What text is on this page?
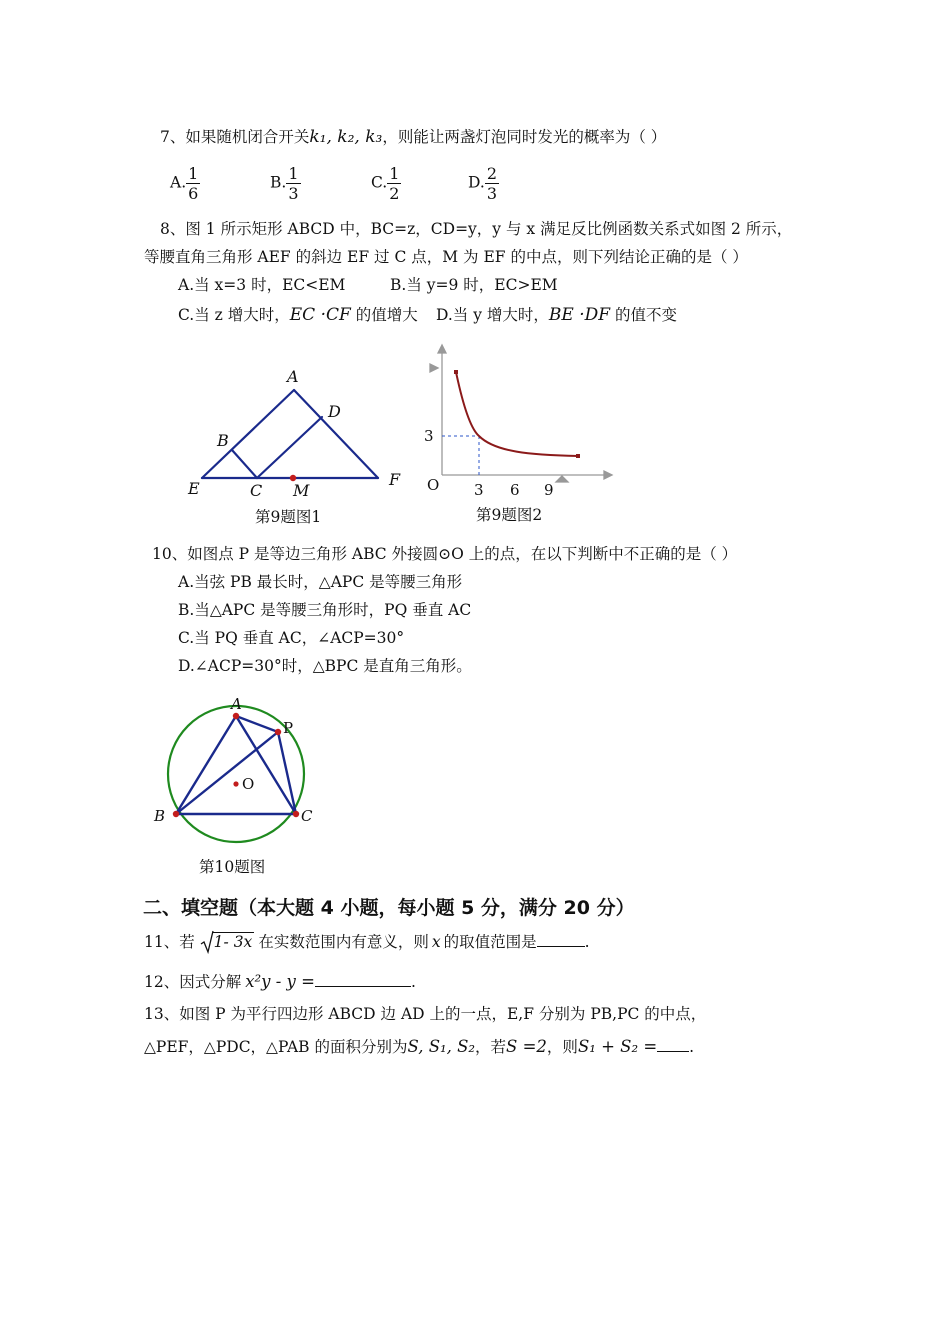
7、如果随机闭合开关k₁, k₂, k₃，则能让两盏灯泡同时发光的概率为（ ）
A. $\frac{1}{6}$	B. $\frac{1}{3}$	C. $\frac{1}{2}$	D. $\frac{2}{3}$
8、图 1 所示矩形 ABCD 中，BC=z，CD=y，y 与 x 满足反比例函数关系式如图 2 所示，
等腰直角三角形 AEF 的斜边 EF 过 C 点，M 为 EF 的中点，则下列结论正确的是（ ）
A.当 x=3 时，EC<EM	B.当 y=9 时，EC>EM
C.当 z 增大时，EC ·CF 的值增大 D.当 y 增大时，BE ·DF 的值不变
A
B
C
D
E	F
M
第9题图1
3
O 3 6 9
第9题图2
10、如图点 P 是等边三角形 ABC 外接圆⊙O 上的点，在以下判断中不正确的是（ ）
A.当弦 PB 最长时，△APC 是等腰三角形
B.当△APC 是等腰三角形时，PQ 垂直 AC
C.当 PQ 垂直 AC，∠ACP=30°
D.∠ACP=30°时，△BPC 是直角三角形。
A
P
O
B	C
第10题图
二、填空题（本大题 4 小题，每小题 5 分，满分 20 分）
11、若 1- 3x 在实数范围内有意义，则 x 的取值范围是	.
12、因式分解 x²y - y =	.
13、如图 P 为平行四边形 ABCD 边 AD 上的一点，E,F 分别为 PB,PC 的中点，
△PEF，△PDC，△PAB 的面积分别为S, S₁, S₂，若S =2，则S₁ + S₂ = .
